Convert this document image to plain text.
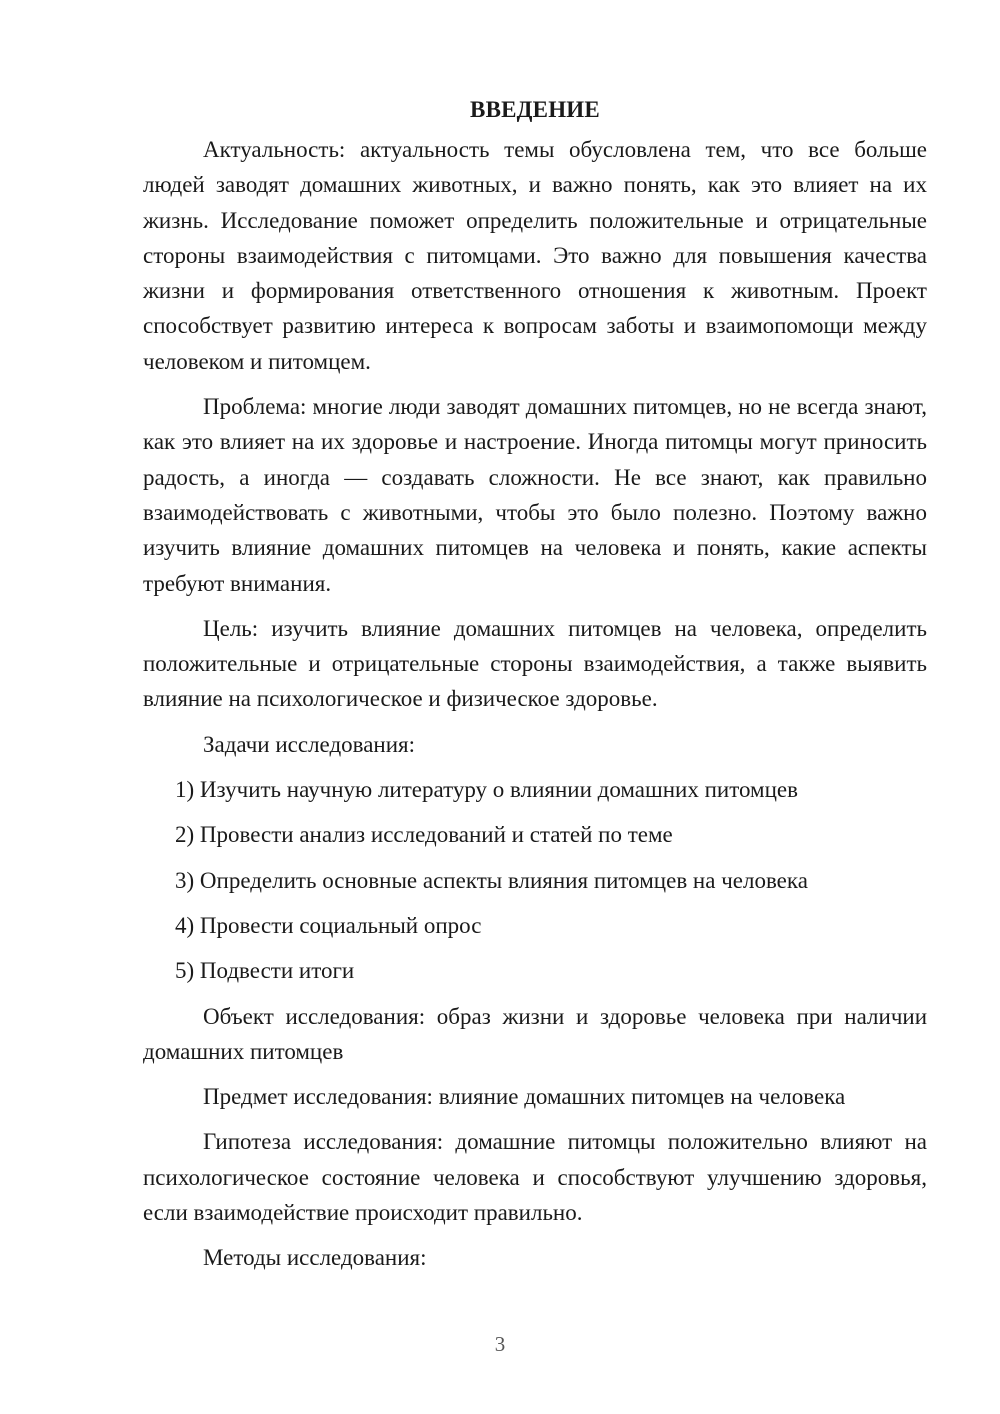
ВВЕДЕНИЕ

Актуальность: актуальность темы обусловлена тем, что все больше людей заводят домашних животных, и важно понять, как это влияет на их жизнь. Исследование поможет определить положительные и отрицательные стороны взаимодействия с питомцами. Это важно для повышения качества жизни и формирования ответственного отношения к животным. Проект способствует развитию интереса к вопросам заботы и взаимопомощи между человеком и питомцем.

Проблема: многие люди заводят домашних питомцев, но не всегда знают, как это влияет на их здоровье и настроение. Иногда питомцы могут приносить радость, а иногда — создавать сложности. Не все знают, как правильно взаимодействовать с животными, чтобы это было полезно. Поэтому важно изучить влияние домашних питомцев на человека и понять, какие аспекты требуют внимания.

Цель: изучить влияние домашних питомцев на человека, определить положительные и отрицательные стороны взаимодействия, а также выявить влияние на психологическое и физическое здоровье.

Задачи исследования:

1) Изучить научную литературу о влиянии домашних питомцев
2) Провести анализ исследований и статей по теме
3) Определить основные аспекты влияния питомцев на человека
4) Провести социальный опрос
5) Подвести итоги

Объект исследования: образ жизни и здоровье человека при наличии домашних питомцев

Предмет исследования: влияние домашних питомцев на человека

Гипотеза исследования: домашние питомцы положительно влияют на психологическое состояние человека и способствуют улучшению здоровья, если взаимодействие происходит правильно.

Методы исследования:

3
